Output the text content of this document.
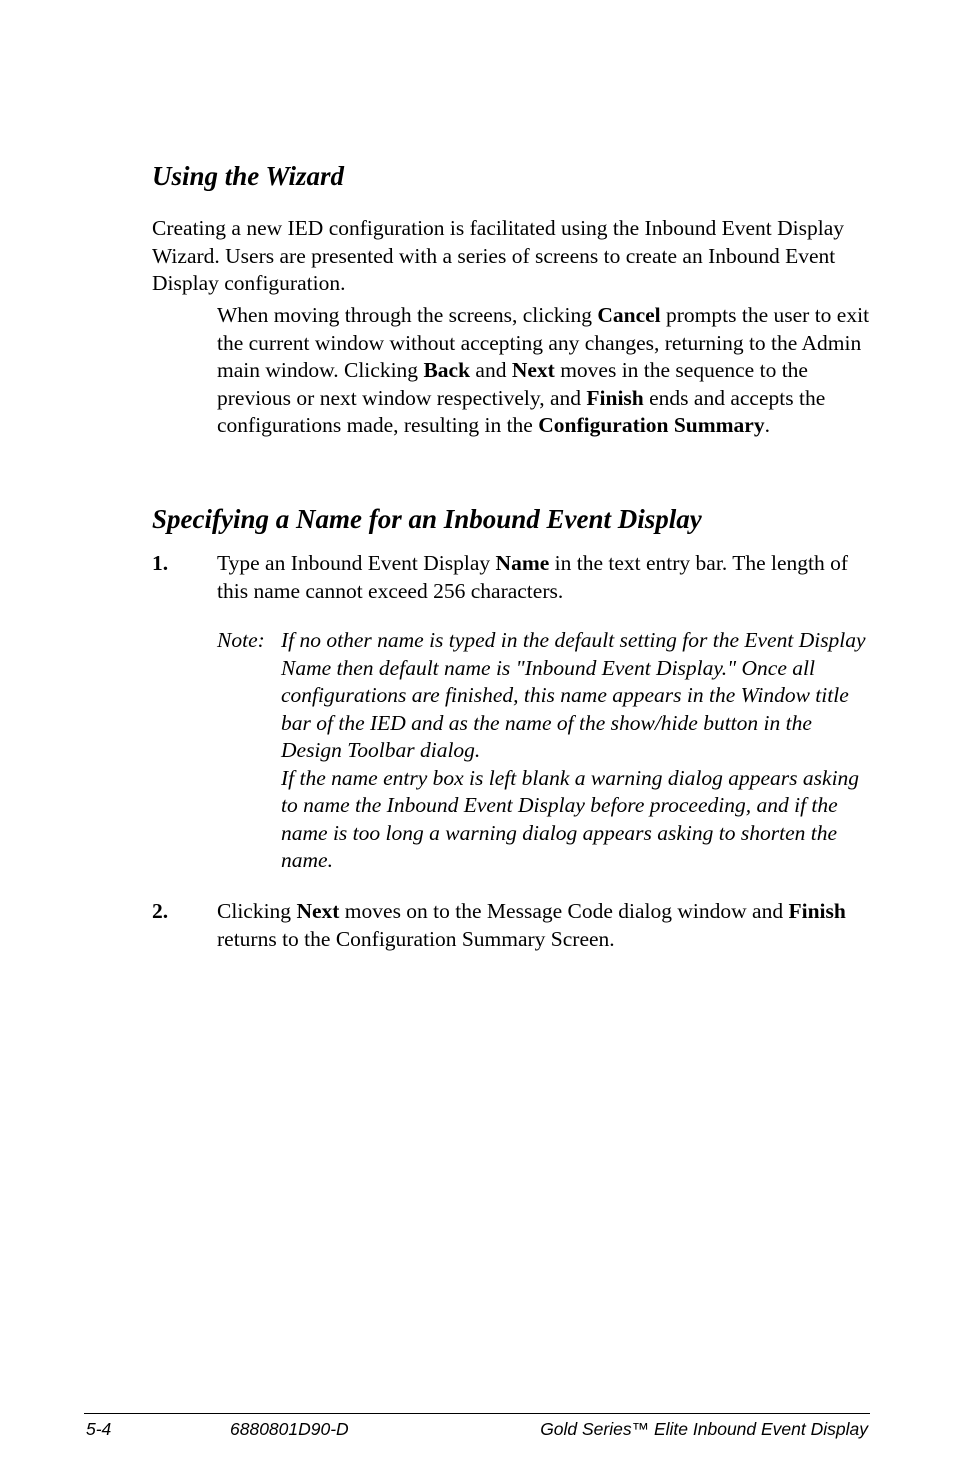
Using the Wizard

Creating a new IED configuration is facilitated using the Inbound Event Display Wizard. Users are presented with a series of screens to create an Inbound Event Display configuration.

When moving through the screens, clicking Cancel prompts the user to exit the current window without accepting any changes, returning to the Admin main window. Clicking Back and Next moves in the sequence to the previous or next window respectively, and Finish ends and accepts the configurations made, resulting in the Configuration Summary.

Specifying a Name for an Inbound Event Display
1. Type an Inbound Event Display Name in the text entry bar. The length of this name cannot exceed 256 characters.

Note: If no other name is typed in the default setting for the Event Display Name then default name is "Inbound Event Display." Once all configurations are finished, this name appears in the Window title bar of the IED and as the name of the show/hide button in the Design Toolbar dialog.

If the name entry box is left blank a warning dialog appears asking to name the Inbound Event Display before proceeding, and if the name is too long a warning dialog appears asking to shorten the name.

2. Clicking Next moves on to the Message Code dialog window and Finish returns to the Configuration Summary Screen.

5-4	6880801D90-D	Gold Series™ Elite Inbound Event Display
